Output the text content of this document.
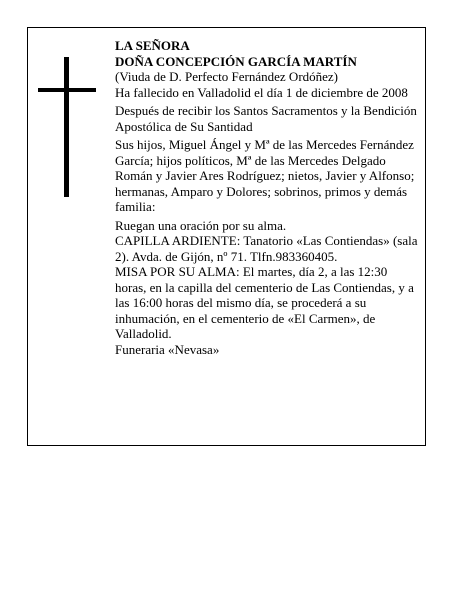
LA SEÑORA

DOÑA CONCEPCIÓN GARCÍA MARTÍN

(Viuda de D. Perfecto Fernández Ordóñez)

Ha fallecido en Valladolid el día 1 de diciembre de 2008

Después de recibir los Santos Sacramentos y la Bendición Apostólica de Su Santidad

Sus hijos, Miguel Ángel y Mª de las Mercedes Fernández García; hijos políticos, Mª de las Mercedes Delgado Román y Javier Ares Rodríguez; nietos, Javier y Alfonso; hermanas, Amparo y Dolores; sobrinos, primos y demás familia:

Ruegan una oración por su alma.

CAPILLA ARDIENTE: Tanatorio «Las Contiendas» (sala 2). Avda. de Gijón, nº 71. Tlfn.983360405.

MISA POR SU ALMA: El martes, día 2, a las 12:30 horas, en la capilla del cementerio de Las Contiendas, y a las 16:00 horas del mismo día, se procederá a su inhumación, en el cementerio de «El Carmen», de Valladolid.

Funeraria «Nevasa»
